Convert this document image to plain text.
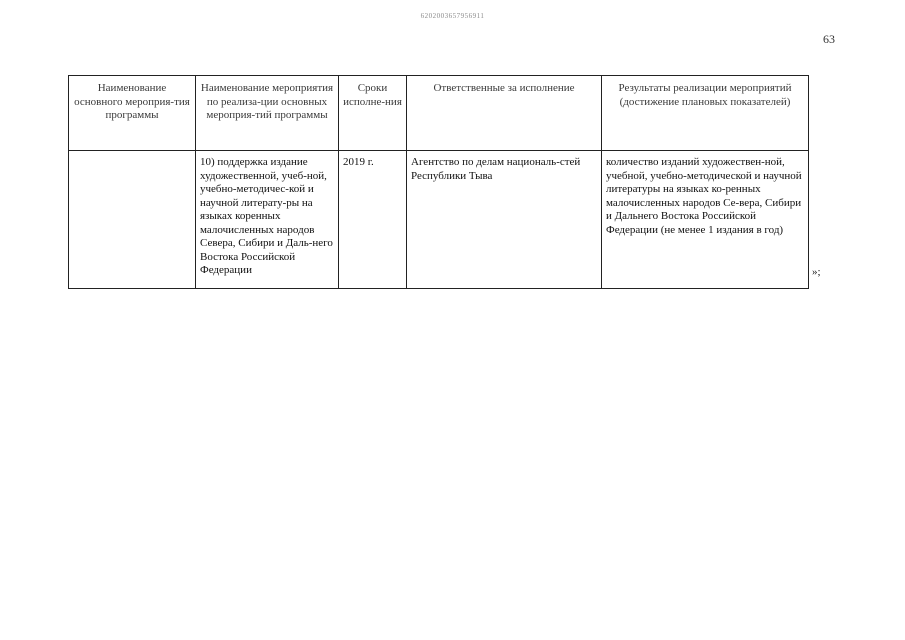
6202003657956911
63
Наименование основного мероприя-тия программы	Наименование мероприятия по реализа-ции основных мероприя-тий программы	Сроки исполне-ния	Ответственные за исполнение	Результаты реализации мероприятий (достижение плановых показателей)
	10) поддержка издание художественной, учеб-ной, учебно-методичес-кой и научной литерату-ры на языках коренных малочисленных народов Севера, Сибири и Даль-него Востока Российской Федерации	2019 г.	Агентство по делам националь-стей Республики Тыва	количество изданий художествен-ной, учебной, учебно-методической и научной литературы на языках ко-ренных малочисленных народов Се-вера, Сибири и Дальнего Востока Российской Федерации (не менее 1 издания в год)
»;
